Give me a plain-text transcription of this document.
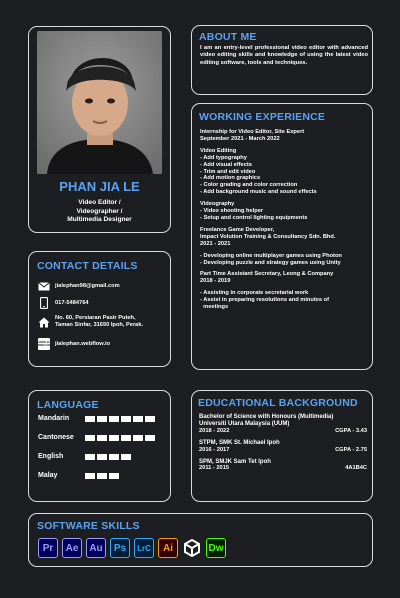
PHAN JIA LE
Video Editor /
Videographer /
Multimedia Designer
ABOUT ME
I am an entry-level professional video editor with advanced video editing skills and knowledge of using the latest video editing software, tools and techniques.
WORKING EXPERIENCE
Internship for Video Editor, Site Expert
September 2021 - March 2022
Video Editing
- Add typography
- Add visual effects
- Trim and edit video
- Add motion graphics
- Color grading and color correction
- Add background music and sound effects
Videography
- Video shooting helper
- Setup and control lighting equipments
Freelance Game Developer,
Impact Volution Training & Consultancy Sdn. Bhd.
2021 - 2021
- Developing online multiplayer games using Photon
- Developing puzzle and strategy games using Unity
Part Time Assistant Secretary, Leong & Company
2018 - 2019
- Assisting in corporate secretarial work
- Assist in preparing resolutions and minutes of
meetings
CONTACT DETAILS
jialephan98@gmail.com
017-5484764
No. 60, Persiaran Pasir Puteh,
Taman Sinfar, 31650 Ipoh, Perak.
MADE IN WEBFLOW jialephan.webflow.io
LANGUAGE
Mandarin
Cantonese
English
Malay
EDUCATIONAL BACKGROUND
Bachelor of Science with Honours (Multimedia)
Universiti Utara Malaysia (UUM)
2018 - 2022	CGPA - 3.43
STPM, SMK St. Michael Ipoh
2016 - 2017	CGPA - 2.75
SPM, SMJK Sam Tet Ipoh
2011 - 2015	4A1B4C
SOFTWARE SKILLS
Pr	Ae	Au	Ps	LrC	Ai	Dw
